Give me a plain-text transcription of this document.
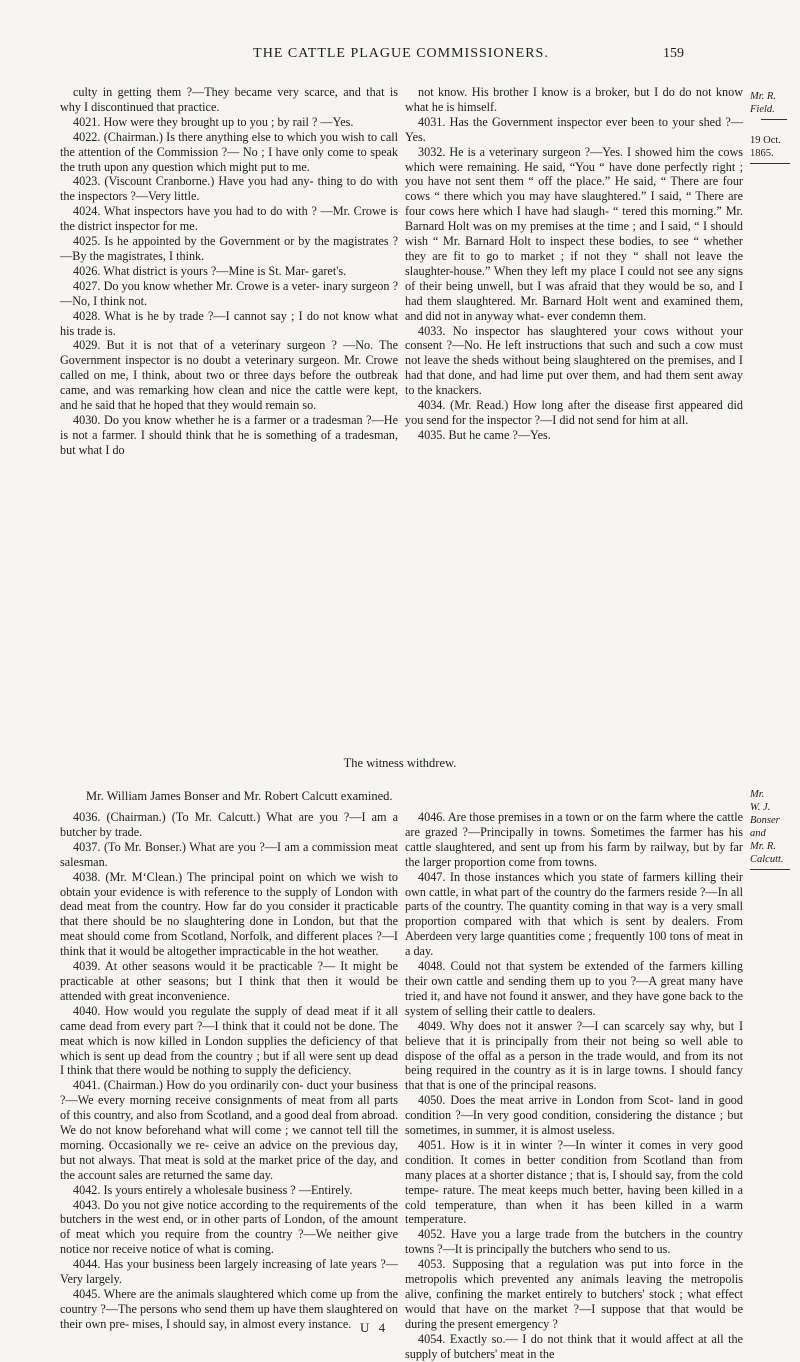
THE CATTLE PLAGUE COMMISSIONERS.	159
Mr. R. Field.
19 Oct. 1865.

culty in getting them ?—They became very scarce, and that is why I discontinued that practice.

4021. How were they brought up to you ; by rail ? —Yes.

4022. (Chairman.) Is there anything else to which you wish to call the attention of the Commission ?— No ; I have only come to speak the truth upon any question which might put to me.

4023. (Viscount Cranborne.) Have you had any- thing to do with the inspectors ?—Very little.

4024. What inspectors have you had to do with ? —Mr. Crowe is the district inspector for me.

4025. Is he appointed by the Government or by the magistrates ?—By the magistrates, I think.

4026. What district is yours ?—Mine is St. Mar- garet's.

4027. Do you know whether Mr. Crowe is a veter- inary surgeon ?—No, I think not.

4028. What is he by trade ?—I cannot say ; I do not know what his trade is.

4029. But it is not that of a veterinary surgeon ? —No. The Government inspector is no doubt a veterinary surgeon. Mr. Crowe called on me, I think, about two or three days before the outbreak came, and was remarking how clean and nice the cattle were kept, and he said that he hoped that they would remain so.

4030. Do you know whether he is a farmer or a tradesman ?—He is not a farmer. I should think that he is something of a tradesman, but what I do

not know. His brother I know is a broker, but I do do not know what he is himself.

4031. Has the Government inspector ever been to your shed ?—Yes.

3032. He is a veterinary surgeon ?—Yes. I showed him the cows which were remaining. He said, “You “ have done perfectly right ; you have not sent them “ off the place.” He said, “ There are four cows “ there which you may have slaughtered.” I said, “ There are four cows here which I have had slaugh- “ tered this morning.” Mr. Barnard Holt was on my premises at the time ; and I said, “ I should wish “ Mr. Barnard Holt to inspect these bodies, to see “ whether they are fit to go to market ; if not they “ shall not leave the slaughter-house.” When they left my place I could not see any signs of their being unwell, but I was afraid that they would be so, and I had them slaughtered. Mr. Barnard Holt went and examined them, and did not in anyway what- ever condemn them.

4033. No inspector has slaughtered your cows without your consent ?—No. He left instructions that such and such a cow must not leave the sheds without being slaughtered on the premises, and I had that done, and had lime put over them, and had them sent away to the knackers.

4034. (Mr. Read.) How long after the disease first appeared did you send for the inspector ?—I did not send for him at all.

4035. But he came ?—Yes.

The witness withdrew.
Mr. William James Bonser and Mr. Robert Calcutt examined.	Mr.
W. J. Bonser
and
Mr. R. Calcutt.

4036. (Chairman.) (To Mr. Calcutt.) What are you ?—I am a butcher by trade.

4037. (To Mr. Bonser.) What are you ?—I am a commission meat salesman.

4038. (Mr. M‘Clean.) The principal point on which we wish to obtain your evidence is with reference to the supply of London with dead meat from the country. How far do you consider it practicable that there should be no slaughtering done in London, but that the meat should come from Scotland, Norfolk, and different places ?—I think that it would be altogether impracticable in the hot weather.

4039. At other seasons would it be practicable ?— It might be practicable at other seasons; but I think that then it would be attended with great inconvenience.

4040. How would you regulate the supply of dead meat if it all came dead from every part ?—I think that it could not be done. The meat which is now killed in London supplies the deficiency of that which is sent up dead from the country ; but if all were sent up dead I think that there would be nothing to supply the deficiency.

4041. (Chairman.) How do you ordinarily con- duct your business ?—We every morning receive consignments of meat from all parts of this country, and also from Scotland, and a good deal from abroad. We do not know beforehand what will come ; we cannot tell till the morning. Occasionally we re- ceive an advice on the previous day, but not always. That meat is sold at the market price of the day, and the account sales are returned the same day.

4042. Is yours entirely a wholesale business ? —Entirely.

4043. Do you not give notice according to the requirements of the butchers in the west end, or in other parts of London, of the amount of meat which you require from the country ?—We neither give notice nor receive notice of what is coming.

4044. Has your business been largely increasing of late years ?—Very largely.

4045. Where are the animals slaughtered which come up from the country ?—The persons who send them up have them slaughtered on their own pre- mises, I should say, in almost every instance.

4046. Are those premises in a town or on the farm where the cattle are grazed ?—Principally in towns. Sometimes the farmer has his cattle slaughtered, and sent up from his farm by railway, but by far the larger proportion come from towns.

4047. In those instances which you state of farmers killing their own cattle, in what part of the country do the farmers reside ?—In all parts of the country. The quantity coming in that way is a very small proportion compared with that which is sent by dealers. From Aberdeen very large quantities come ; frequently 100 tons of meat in a day.

4048. Could not that system be extended of the farmers killing their own cattle and sending them up to you ?—A great many have tried it, and have not found it answer, and they have gone back to the system of selling their cattle to dealers.

4049. Why does not it answer ?—I can scarcely say why, but I believe that it is principally from their not being so well able to dispose of the offal as a person in the trade would, and from its not being required in the country as it is in large towns. I should fancy that that is one of the principal reasons.

4050. Does the meat arrive in London from Scot- land in good condition ?—In very good condition, considering the distance ; but sometimes, in summer, it is almost useless.

4051. How is it in winter ?—In winter it comes in very good condition. It comes in better condition from Scotland than from many places at a shorter distance ; that is, I should say, from the cold tempe- rature. The meat keeps much better, having been killed in a cold temperature, than when it has been killed in a warm temperature.

4052. Have you a large trade from the butchers in the country towns ?—It is principally the butchers who send to us.

4053. Supposing that a regulation was put into force in the metropolis which prevented any animals leaving the metropolis alive, confining the market entirely to butchers' stock ; what effect would that have on the market ?—I suppose that that would be during the present emergency ?

4054. Exactly so.— I do not think that it would affect at all the supply of butchers' meat in the

U 4
